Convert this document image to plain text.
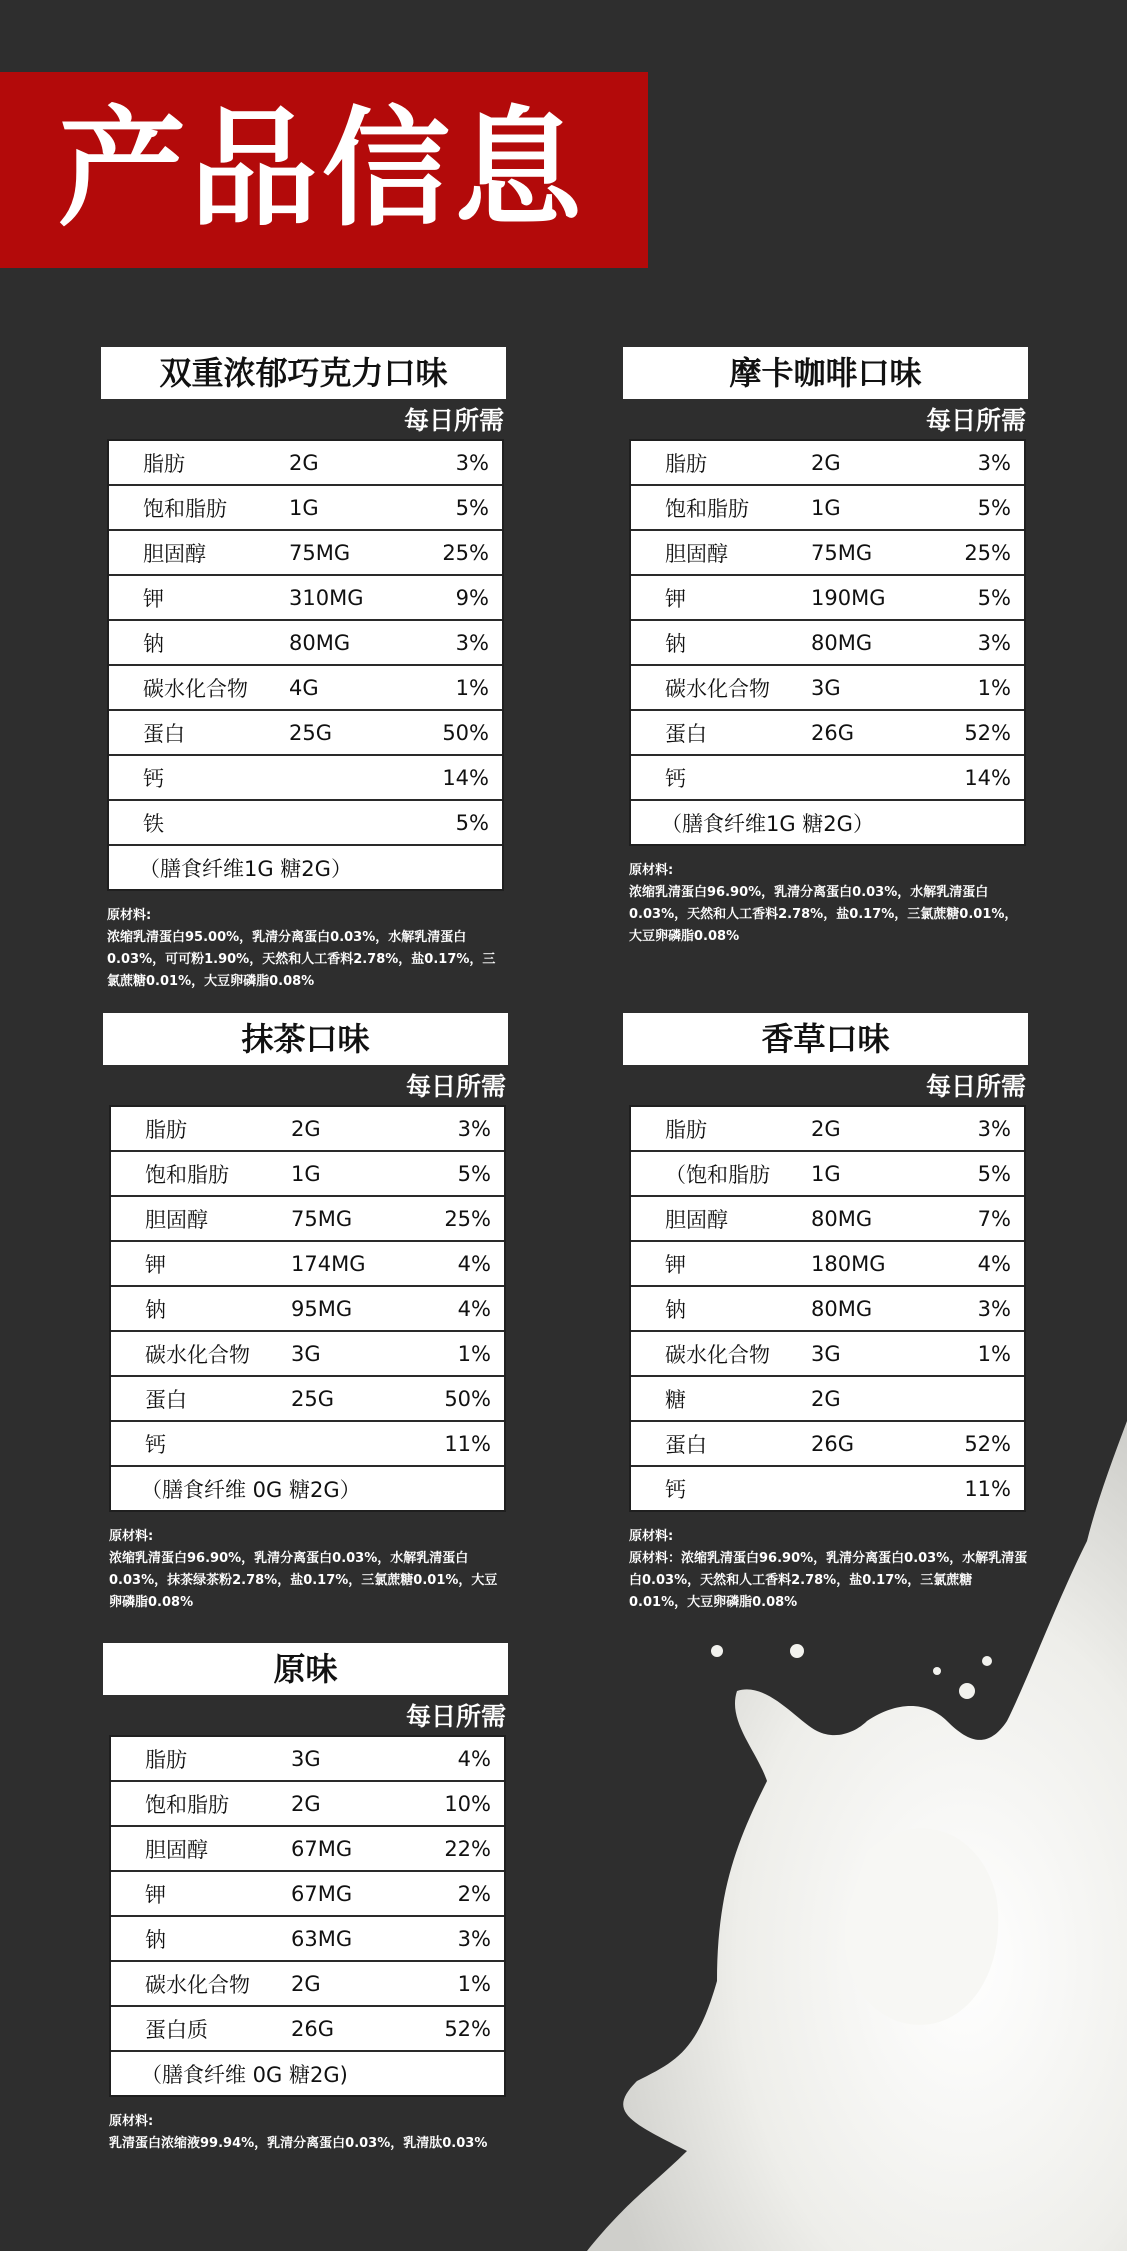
产品信息
双重浓郁巧克力口味
每日所需
脂肪	2G	3%
饱和脂肪	1G	5%
胆固醇	75MG	25%
钾	310MG	9%
钠	80MG	3%
碳水化合物	4G	1%
蛋白	25G	50%
钙	14%
铁	5%
（膳食纤维1G 糖2G）
原材料:
浓缩乳清蛋白95.00%，乳清分离蛋白0.03%，水解乳清蛋白0.03%，可可粉1.90%，天然和人工香料2.78%，盐0.17%，三氯蔗糖0.01%，大豆卵磷脂0.08%
摩卡咖啡口味
每日所需
脂肪	2G	3%
饱和脂肪	1G	5%
胆固醇	75MG	25%
钾	190MG	5%
钠	80MG	3%
碳水化合物	3G	1%
蛋白	26G	52%
钙	14%
（膳食纤维1G 糖2G）
原材料:
浓缩乳清蛋白96.90%，乳清分离蛋白0.03%，水解乳清蛋白0.03%，天然和人工香料2.78%，盐0.17%，三氯蔗糖0.01%，大豆卵磷脂0.08%
抹茶口味
每日所需
脂肪	2G	3%
饱和脂肪	1G	5%
胆固醇	75MG	25%
钾	174MG	4%
钠	95MG	4%
碳水化合物	3G	1%
蛋白	25G	50%
钙	11%
（膳食纤维 0G 糖2G）
原材料:
浓缩乳清蛋白96.90%，乳清分离蛋白0.03%，水解乳清蛋白0.03%，抹茶绿茶粉2.78%，盐0.17%，三氯蔗糖0.01%，大豆卵磷脂0.08%
香草口味
每日所需
脂肪	2G	3%
（饱和脂肪	1G	5%
胆固醇	80MG	7%
钾	180MG	4%
钠	80MG	3%
碳水化合物	3G	1%
糖	2G
蛋白	26G	52%
钙	11%
原材料:
原材料：浓缩乳清蛋白96.90%，乳清分离蛋白0.03%，水解乳清蛋白0.03%，天然和人工香料2.78%，盐0.17%，三氯蔗糖0.01%，大豆卵磷脂0.08%
原味
每日所需
脂肪	3G	4%
饱和脂肪	2G	10%
胆固醇	67MG	22%
钾	67MG	2%
钠	63MG	3%
碳水化合物	2G	1%
蛋白质	26G	52%
（膳食纤维 0G 糖2G)
原材料:
乳清蛋白浓缩液99.94%，乳清分离蛋白0.03%，乳清肽0.03%
